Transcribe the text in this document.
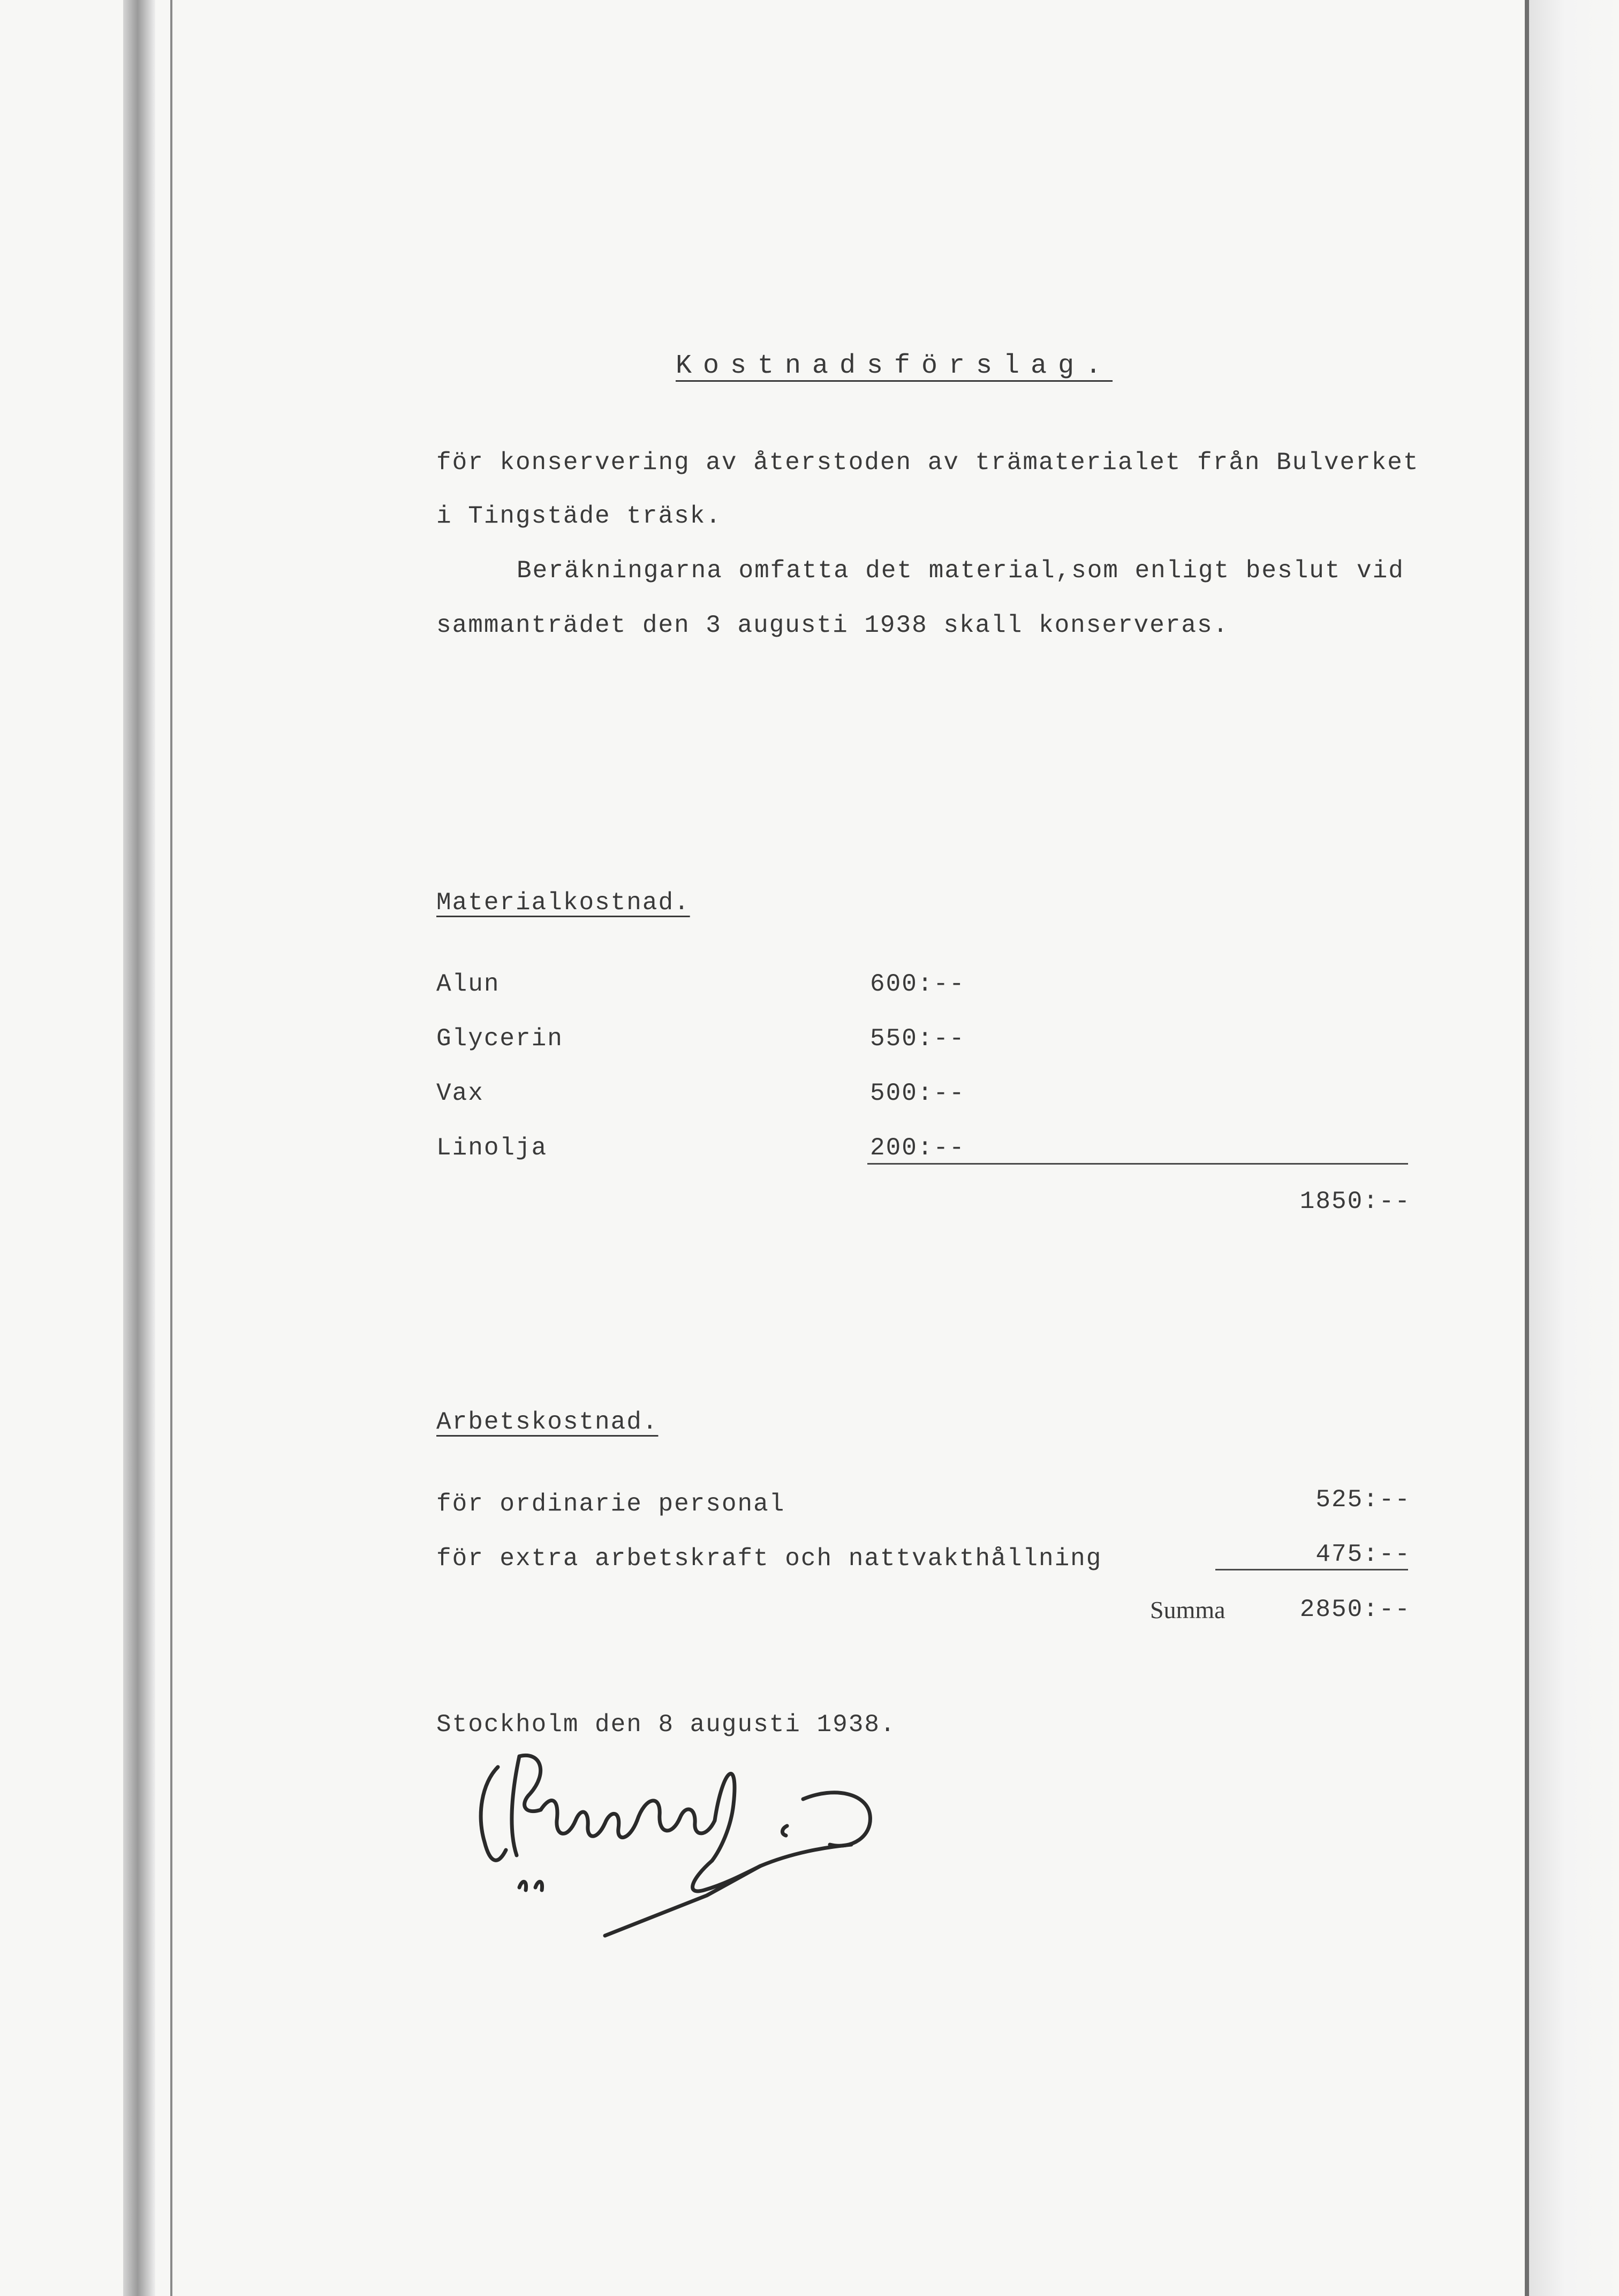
Kostnadsförslag.
för konservering av återstoden av trämaterialet från Bulverket
i Tingstäde träsk.
Beräkningarna omfatta det material,som enligt beslut vid
sammanträdet den 3 augusti 1938 skall konserveras.
Materialkostnad.
Alun	600:--
Glycerin	550:--
Vax	500:--
Linolja	200:--
1850:--
Arbetskostnad.
för ordinarie personal	525:--
för extra arbetskraft och nattvakthållning	475:--
Summa	2850:--
Stockholm den 8 augusti 1938.
